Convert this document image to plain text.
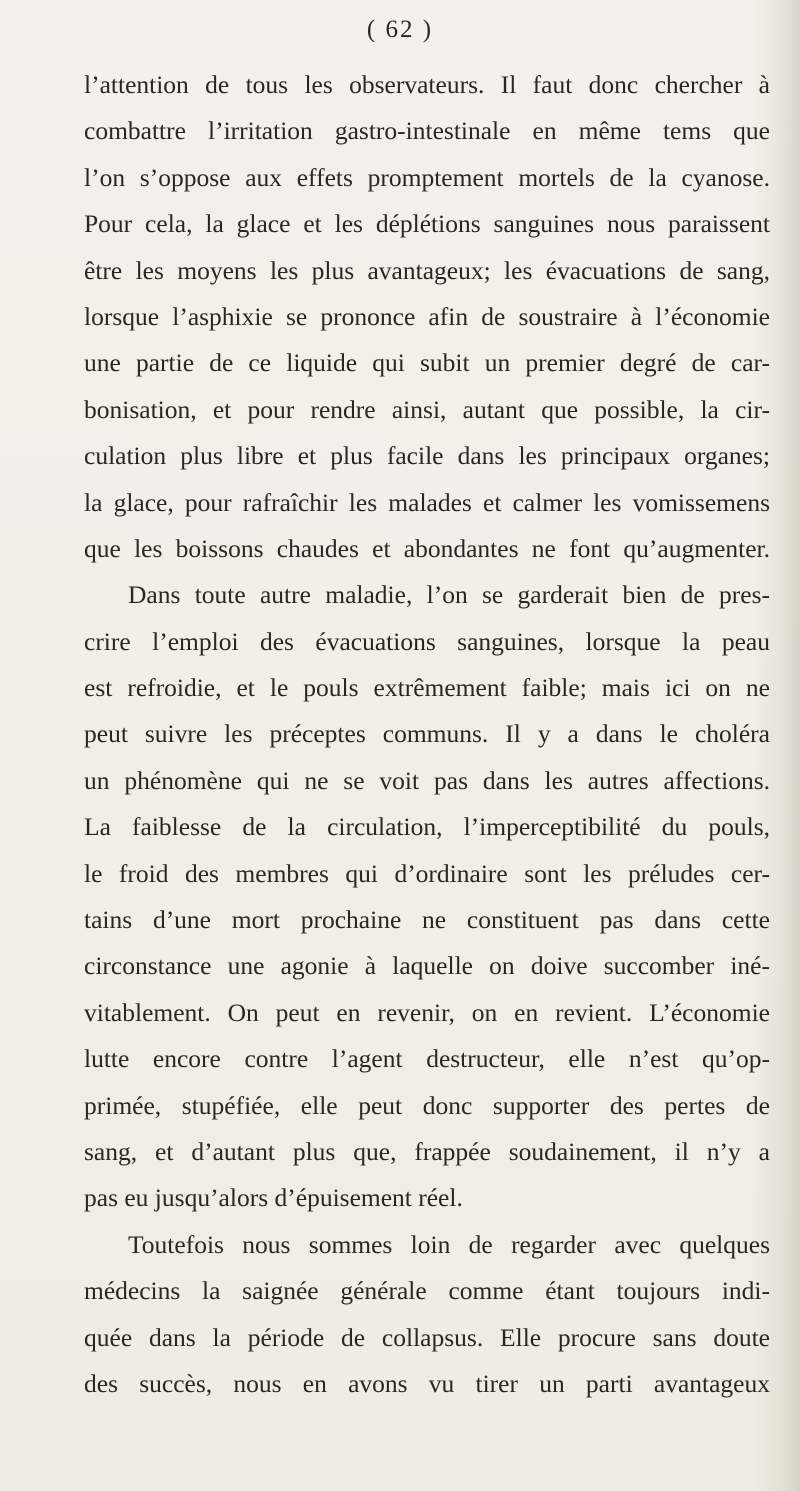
( 62 )
l’attention de tous les observateurs. Il faut donc chercher à
combattre l’irritation gastro-intestinale en même tems que
l’on s’oppose aux effets promptement mortels de la cyanose.
Pour cela, la glace et les déplétions sanguines nous paraissent
être les moyens les plus avantageux; les évacuations de sang,
lorsque l’asphixie se prononce afin de soustraire à l’économie
une partie de ce liquide qui subit un premier degré de car-
bonisation, et pour rendre ainsi, autant que possible, la cir-
culation plus libre et plus facile dans les principaux organes;
la glace, pour rafraîchir les malades et calmer les vomissemens
que les boissons chaudes et abondantes ne font qu’augmenter.
Dans toute autre maladie, l’on se garderait bien de pres-
crire l’emploi des évacuations sanguines, lorsque la peau
est refroidie, et le pouls extrêmement faible; mais ici on ne
peut suivre les préceptes communs. Il y a dans le choléra
un phénomène qui ne se voit pas dans les autres affections.
La faiblesse de la circulation, l’imperceptibilité du pouls,
le froid des membres qui d’ordinaire sont les préludes cer-
tains d’une mort prochaine ne constituent pas dans cette
circonstance une agonie à laquelle on doive succomber iné-
vitablement. On peut en revenir, on en revient. L’économie
lutte encore contre l’agent destructeur, elle n’est qu’op-
primée, stupéfiée, elle peut donc supporter des pertes de
sang, et d’autant plus que, frappée soudainement, il n’y a
pas eu jusqu’alors d’épuisement réel.
Toutefois nous sommes loin de regarder avec quelques
médecins la saignée générale comme étant toujours indi-
quée dans la période de collapsus. Elle procure sans doute
des succès, nous en avons vu tirer un parti avantageux
